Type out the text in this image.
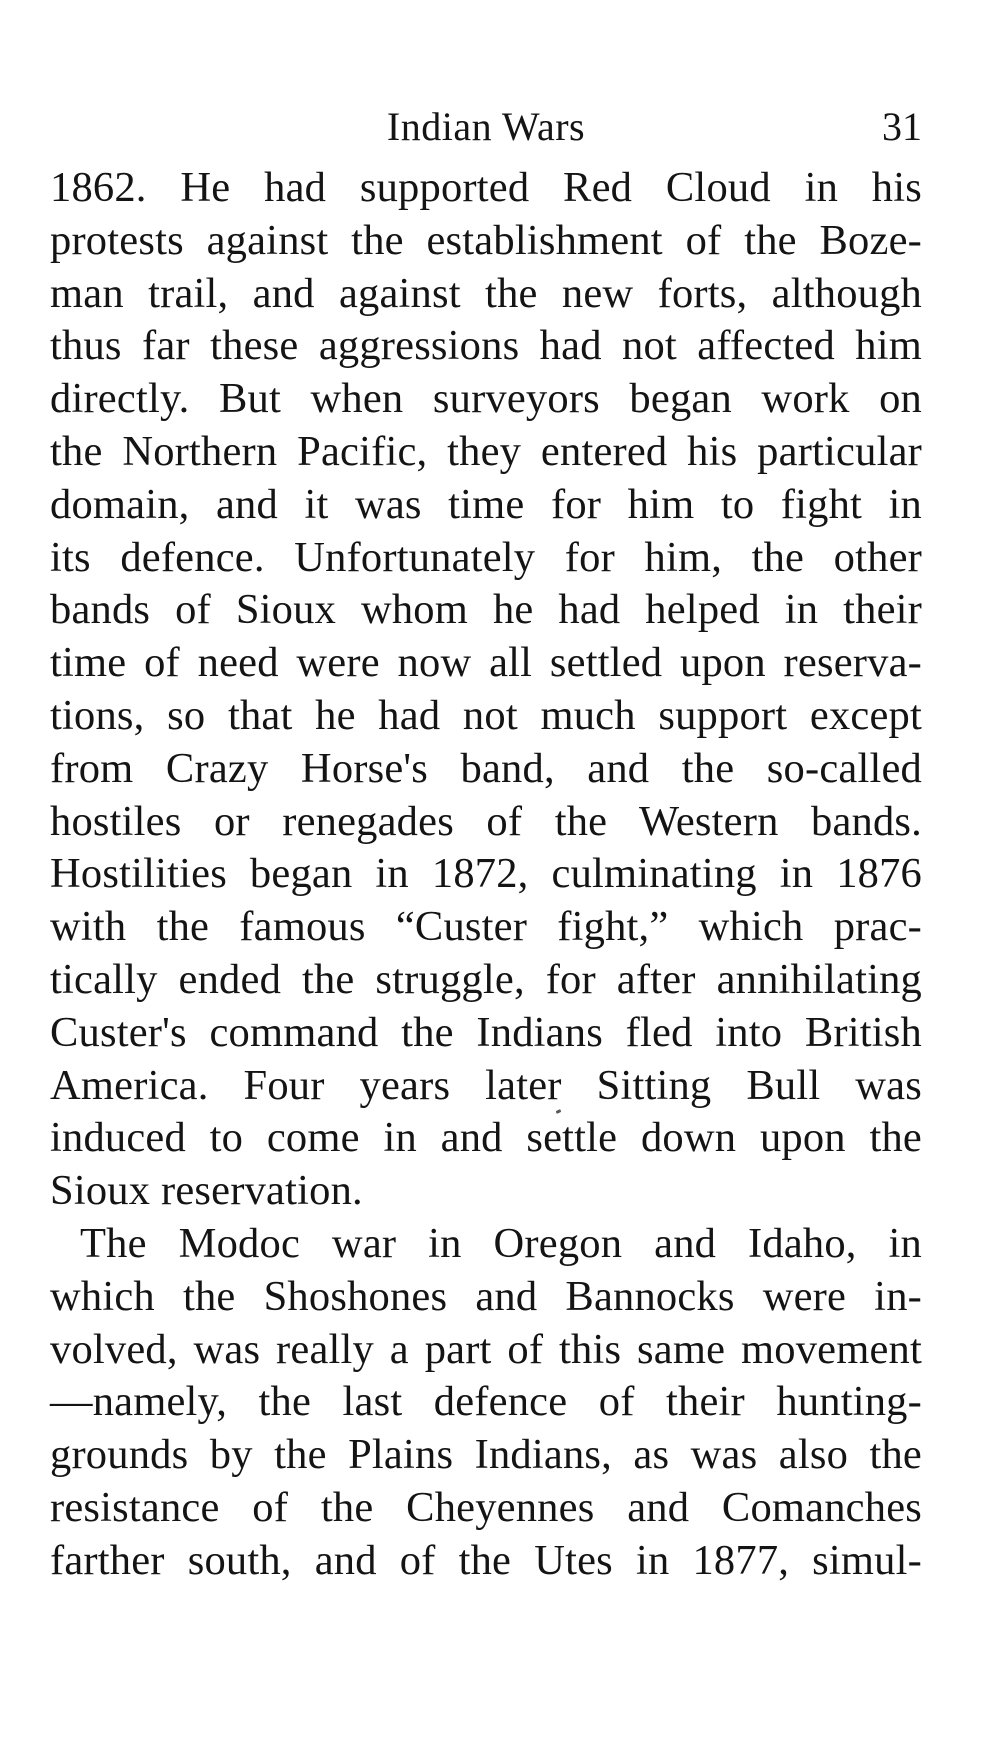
Indian Wars	31
1862. He had supported Red Cloud in his
protests against the establishment of the Boze-
man trail, and against the new forts, although
thus far these aggressions had not affected him
directly. But when surveyors began work on
the Northern Pacific, they entered his particular
domain, and it was time for him to fight in
its defence. Unfortunately for him, the other
bands of Sioux whom he had helped in their
time of need were now all settled upon reserva-
tions, so that he had not much support except
from Crazy Horse's band, and the so-called
hostiles or renegades of the Western bands.
Hostilities began in 1872, culminating in 1876
with the famous “Custer fight,” which prac-
tically ended the struggle, for after annihilating
Custer's command the Indians fled into British
America. Four years later Sitting Bull was
induced to come in and settle down upon the
Sioux reservation.
The Modoc war in Oregon and Idaho, in
which the Shoshones and Bannocks were in-
volved, was really a part of this same movement
—namely, the last defence of their hunting-
grounds by the Plains Indians, as was also the
resistance of the Cheyennes and Comanches
farther south, and of the Utes in 1877, simul-
